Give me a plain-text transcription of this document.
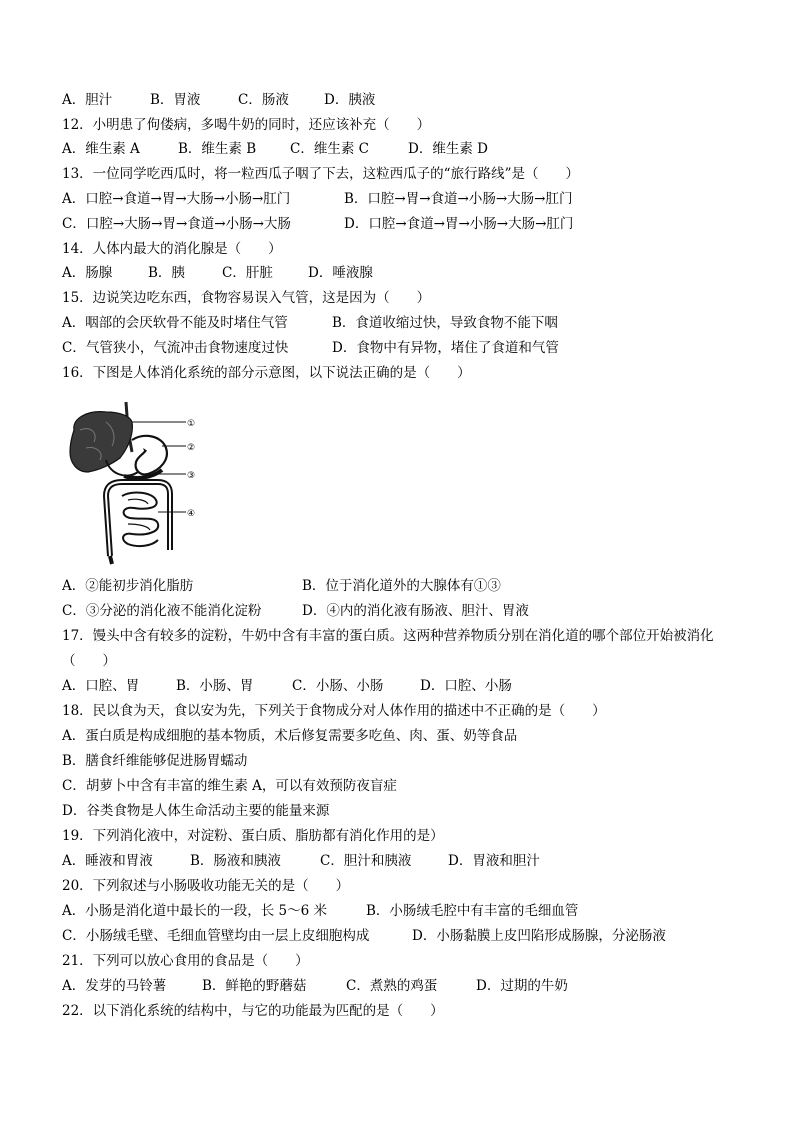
A．胆汁	B．胃液	C．肠液	D．胰液
12．小明患了佝偻病，多喝牛奶的同时，还应该补充（　　）
A．维生素 A	B．维生素 B	C．维生素 C	D．维生素 D
13．一位同学吃西瓜时，将一粒西瓜子咽了下去，这粒西瓜子的“旅行路线”是（　　）
A．口腔→食道→胃→大肠→小肠→肛门	B．口腔→胃→食道→小肠→大肠→肛门
C．口腔→大肠→胃→食道→小肠→大肠	D．口腔→食道→胃→小肠→大肠→肛门
14．人体内最大的消化腺是（　　）
A．肠腺	B．胰	C．肝脏	D．唾液腺
15．边说笑边吃东西，食物容易误入气管，这是因为（　　）
A．咽部的会厌软骨不能及时堵住气管	B．食道收缩过快，导致食物不能下咽
C．气管狭小，气流冲击食物速度过快	D．食物中有异物，堵住了食道和气管
16．下图是人体消化系统的部分示意图，以下说法正确的是（　　）
①
②
③
④
A．②能初步消化脂肪	B．位于消化道外的大腺体有①③
C．③分泌的消化液不能消化淀粉	D．④内的消化液有肠液、胆汁、胃液
17．馒头中含有较多的淀粉，牛奶中含有丰富的蛋白质。这两种营养物质分别在消化道的哪个部位开始被消化
（　　）
A．口腔、胃	B．小肠、胃	C．小肠、小肠	D．口腔、小肠
18．民以食为天，食以安为先，下列关于食物成分对人体作用的描述中不正确的是（　　）
A．蛋白质是构成细胞的基本物质，术后修复需要多吃鱼、肉、蛋、奶等食品
B．膳食纤维能够促进肠胃蠕动
C．胡萝卜中含有丰富的维生素 A，可以有效预防夜盲症
D．谷类食物是人体生命活动主要的能量来源
19．下列消化液中，对淀粉、蛋白质、脂肪都有消化作用的是）
A．睡液和胃液	B．肠液和胰液	C．胆汁和胰液	D．胃液和胆汁
20．下列叙述与小肠吸收功能无关的是（　　）
A．小肠是消化道中最长的一段，长 5～6 米	B．小肠绒毛腔中有丰富的毛细血管
C．小肠绒毛壁、毛细血管壁均由一层上皮细胞构成	D．小肠黏膜上皮凹陷形成肠腺，分泌肠液
21．下列可以放心食用的食品是（　　）
A．发芽的马铃薯	B．鲜艳的野蘑菇	C．煮熟的鸡蛋	D．过期的牛奶
22．以下消化系统的结构中，与它的功能最为匹配的是（　　）
